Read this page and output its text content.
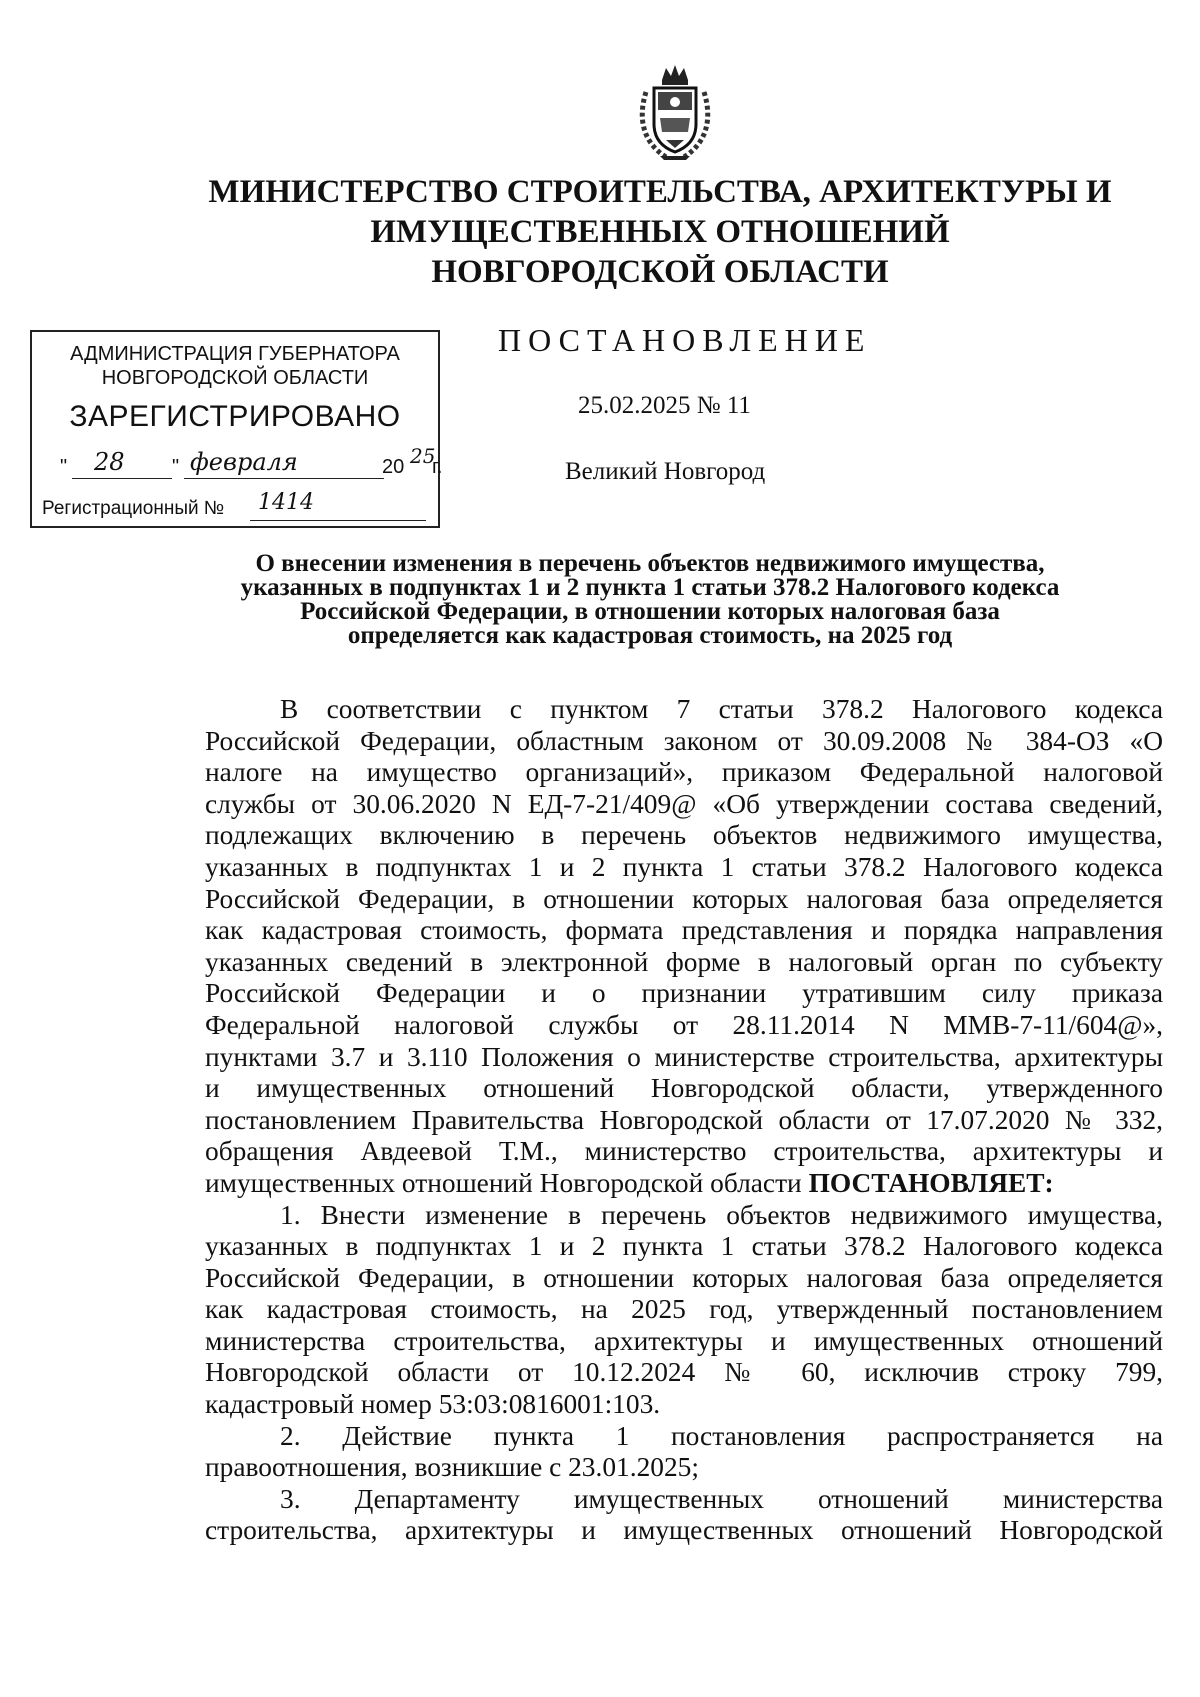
МИНИСТЕРСТВО СТРОИТЕЛЬСТВА, АРХИТЕКТУРЫ И
ИМУЩЕСТВЕННЫХ ОТНОШЕНИЙ
НОВГОРОДСКОЙ ОБЛАСТИ
АДМИНИСТРАЦИЯ ГУБЕРНАТОРА
НОВГОРОДСКОЙ ОБЛАСТИ
ЗАРЕГИСТРИРОВАНО
" 28 " февраля	20 25
г.
Регистрационный № 1414
ПОСТАНОВЛЕНИЕ
25.02.2025 № 11
Великий Новгород
О внесении изменения в перечень объектов недвижимого имущества,
указанных в подпунктах 1 и 2 пункта 1 статьи 378.2 Налогового кодекса
Российской Федерации, в отношении которых налоговая база
определяется как кадастровая стоимость, на 2025 год
В соответствии с пунктом 7 статьи 378.2 Налогового кодекса
Российской Федерации, областным законом от 30.09.2008 № 384-ОЗ «О
налоге на имущество организаций», приказом Федеральной налоговой
службы от 30.06.2020 N ЕД-7-21/409@ «Об утверждении состава сведений,
подлежащих включению в перечень объектов недвижимого имущества,
указанных в подпунктах 1 и 2 пункта 1 статьи 378.2 Налогового кодекса
Российской Федерации, в отношении которых налоговая база определяется
как кадастровая стоимость, формата представления и порядка направления
указанных сведений в электронной форме в налоговый орган по субъекту
Российской Федерации и о признании утратившим силу приказа
Федеральной налоговой службы от 28.11.2014 N ММВ-7-11/604@»,
пунктами 3.7 и 3.110 Положения о министерстве строительства, архитектуры
и имущественных отношений Новгородской области, утвержденного
постановлением Правительства Новгородской области от 17.07.2020 № 332,
обращения Авдеевой Т.М., министерство строительства, архитектуры и
имущественных отношений Новгородской области ПОСТАНОВЛЯЕТ:
1. Внести изменение в перечень объектов недвижимого имущества,
указанных в подпунктах 1 и 2 пункта 1 статьи 378.2 Налогового кодекса
Российской Федерации, в отношении которых налоговая база определяется
как кадастровая стоимость, на 2025 год, утвержденный постановлением
министерства строительства, архитектуры и имущественных отношений
Новгородской области от 10.12.2024 № 60, исключив строку 799,
кадастровый номер 53:03:0816001:103.
2. Действие пункта 1 постановления распространяется на
правоотношения, возникшие с 23.01.2025;
3. Департаменту имущественных отношений министерства
строительства, архитектуры и имущественных отношений Новгородской
